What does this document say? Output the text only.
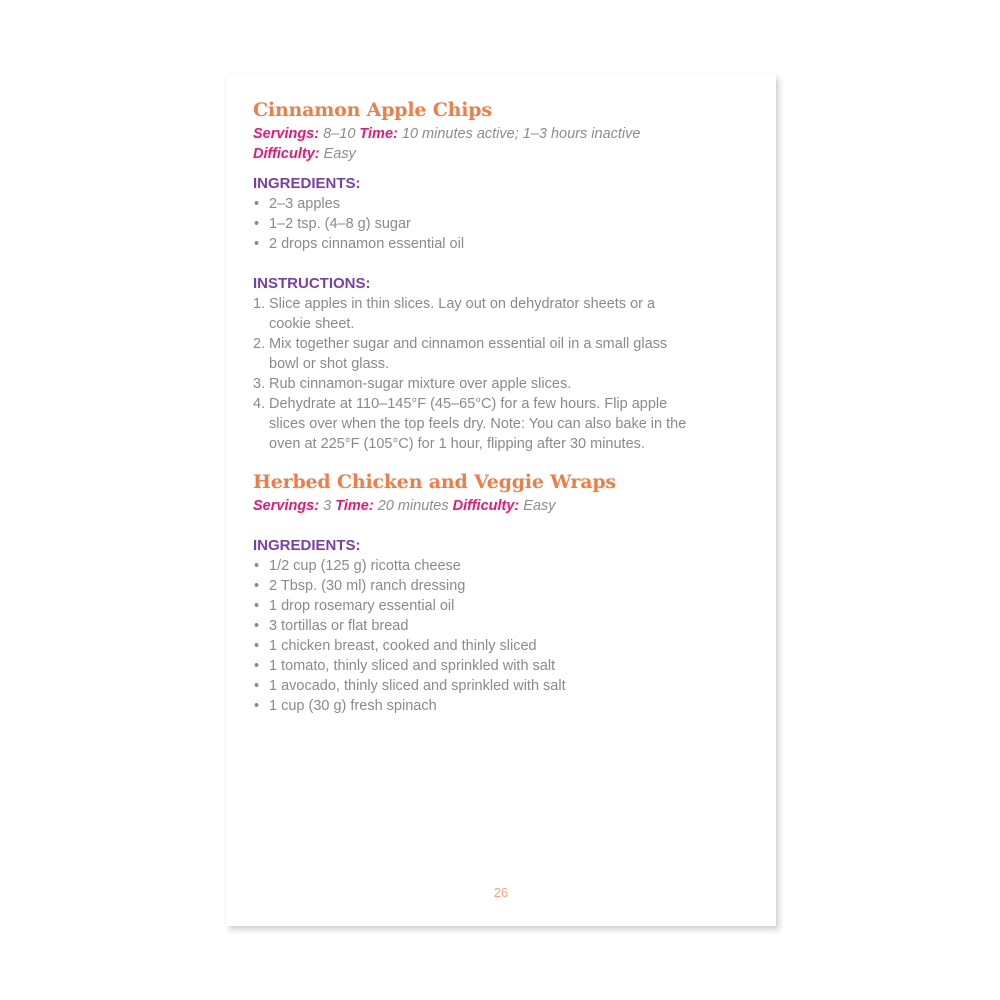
Cinnamon Apple Chips

Servings: 8–10 Time: 10 minutes active; 1–3 hours inactive
Difficulty: Easy

INGREDIENTS:
• 2–3 apples
• 1–2 tsp. (4–8 g) sugar
• 2 drops cinnamon essential oil
INSTRUCTIONS:
1. Slice apples in thin slices. Lay out on dehydrator sheets or a cookie sheet.
2. Mix together sugar and cinnamon essential oil in a small glass bowl or shot glass.
3. Rub cinnamon-sugar mixture over apple slices.
4. Dehydrate at 110–145°F (45–65°C) for a few hours. Flip apple slices over when the top feels dry. Note: You can also bake in the oven at 225°F (105°C) for 1 hour, flipping after 30 minutes.
Herbed Chicken and Veggie Wraps

Servings: 3 Time: 20 minutes Difficulty: Easy

INGREDIENTS:
• 1/2 cup (125 g) ricotta cheese
• 2 Tbsp. (30 ml) ranch dressing
• 1 drop rosemary essential oil
• 3 tortillas or flat bread
• 1 chicken breast, cooked and thinly sliced
• 1 tomato, thinly sliced and sprinkled with salt
• 1 avocado, thinly sliced and sprinkled with salt
• 1 cup (30 g) fresh spinach
26
